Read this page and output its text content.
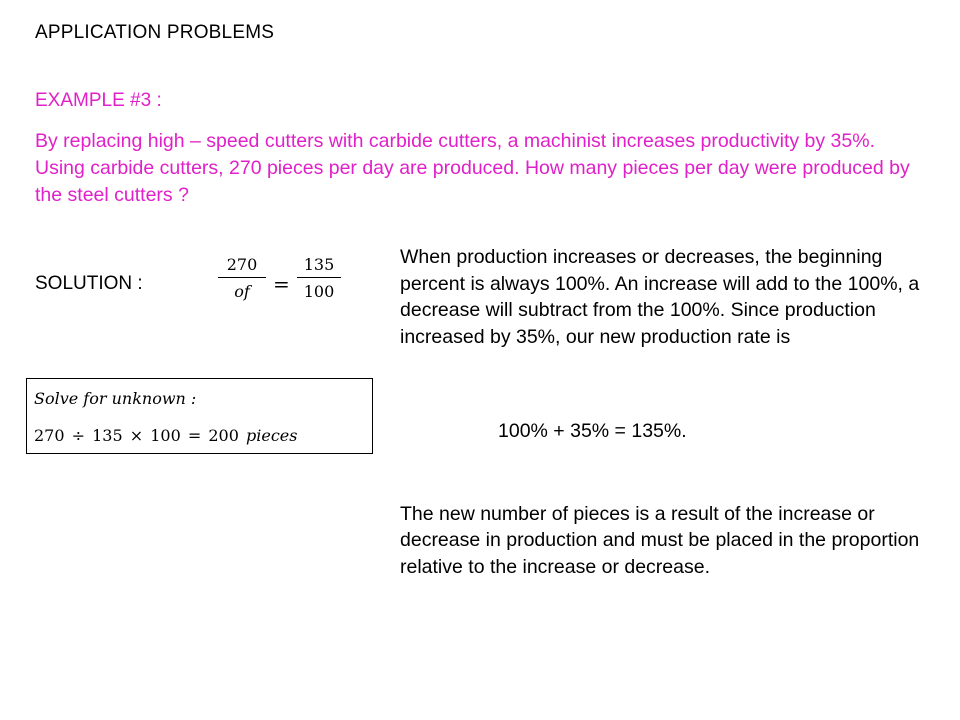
APPLICATION PROBLEMS
EXAMPLE #3 :
By replacing high – speed cutters with carbide cutters, a machinist increases productivity by 35%. Using carbide cutters, 270 pieces per day are produced. How many pieces per day were produced by the steel cutters ?
SOLUTION :
270
of =
135
100
Solve for unknown :
270 ÷ 135 × 100 = 200 pieces

When production increases or decreases, the beginning percent is always 100%. An increase will add to the 100%, a decrease will subtract from the 100%. Since production increased by 35%, our new production rate is

100% + 35% = 135%.

The new number of pieces is a result of the increase or decrease in production and must be placed in the proportion relative to the increase or decrease.
